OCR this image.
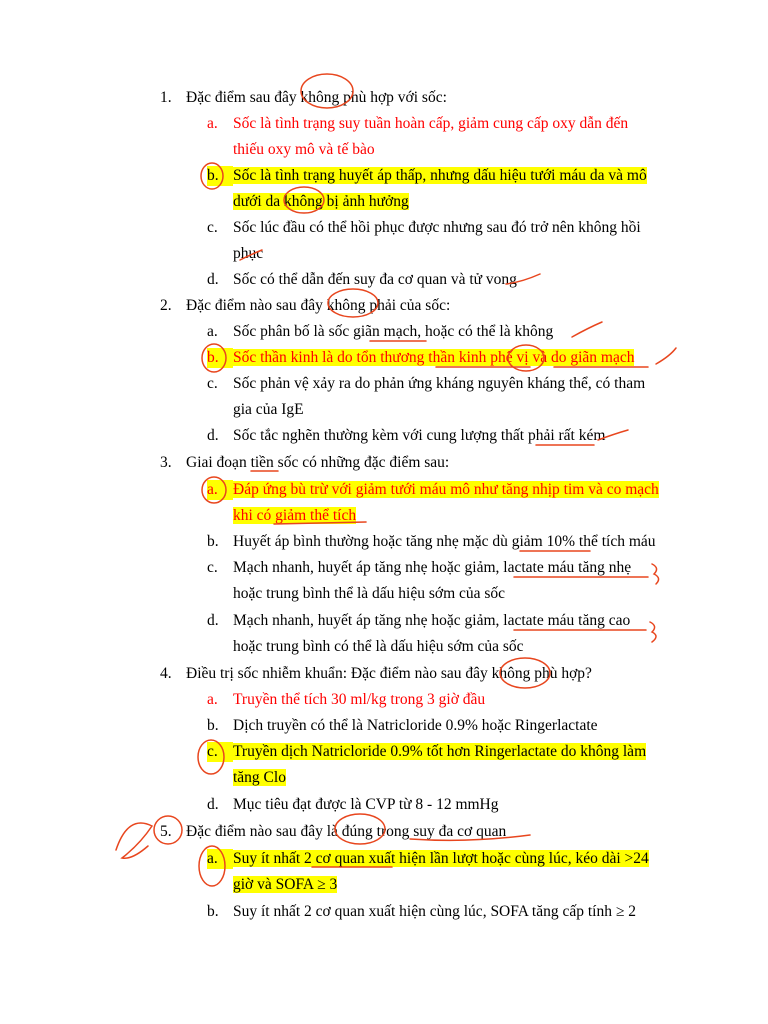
1. Đặc điểm sau đây không phù hợp với sốc:
a. Sốc là tình trạng suy tuần hoàn cấp, giảm cung cấp oxy dẫn đến
thiếu oxy mô và tế bào
b. Sốc là tình trạng huyết áp thấp, nhưng dấu hiệu tưới máu da và mô
dưới da không bị ảnh hưởng
c. Sốc lúc đầu có thể hồi phục được nhưng sau đó trở nên không hồi
phục
d. Sốc có thể dẫn đến suy đa cơ quan và tử vong
2. Đặc điểm nào sau đây không phải của sốc:
a. Sốc phân bố là sốc giãn mạch, hoặc có thể là không
b. Sốc thần kinh là do tổn thương thần kinh phế vị và do giãn mạch
c. Sốc phản vệ xảy ra do phản ứng kháng nguyên kháng thể, có tham
gia của IgE
d. Sốc tắc nghẽn thường kèm với cung lượng thất phải rất kém
3. Giai đoạn tiền sốc có những đặc điểm sau:
a. Đáp ứng bù trừ với giảm tưới máu mô như tăng nhịp tim và co mạch
khi có giảm thể tích
b. Huyết áp bình thường hoặc tăng nhẹ mặc dù giảm 10% thể tích máu
c. Mạch nhanh, huyết áp tăng nhẹ hoặc giảm, lactate máu tăng nhẹ
hoặc trung bình thể là dấu hiệu sớm của sốc
d. Mạch nhanh, huyết áp tăng nhẹ hoặc giảm, lactate máu tăng cao
hoặc trung bình có thể là dấu hiệu sớm của sốc
4. Điều trị sốc nhiễm khuẩn: Đặc điểm nào sau đây không phù hợp?
a. Truyền thể tích 30 ml/kg trong 3 giờ đầu
b. Dịch truyền có thể là Natricloride 0.9% hoặc Ringerlactate
c. Truyền dịch Natricloride 0.9% tốt hơn Ringerlactate do không làm
tăng Clo
d. Mục tiêu đạt được là CVP từ 8 - 12 mmHg
5. Đặc điểm nào sau đây là đúng trong suy đa cơ quan
a. Suy ít nhất 2 cơ quan xuất hiện lần lượt hoặc cùng lúc, kéo dài >24
giờ và SOFA ≥ 3
b. Suy ít nhất 2 cơ quan xuất hiện cùng lúc, SOFA tăng cấp tính ≥ 2
